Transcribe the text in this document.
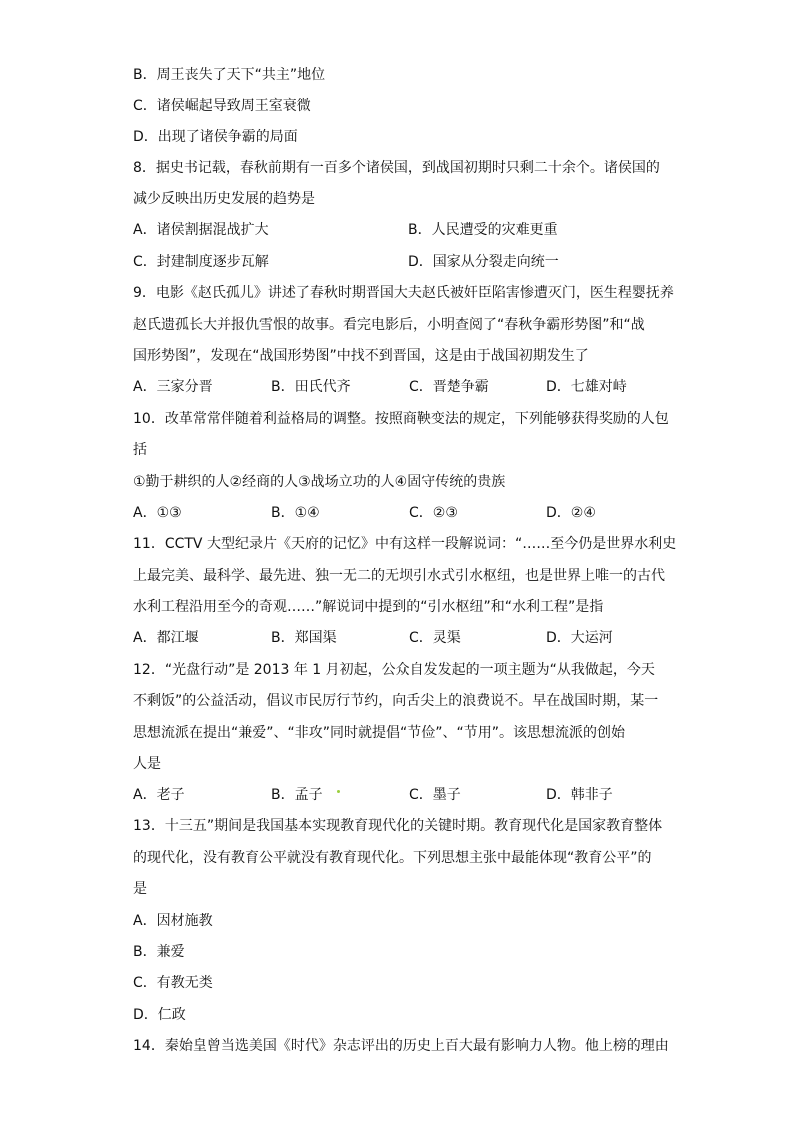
B．周王丧失了天下“共主”地位
C．诸侯崛起导致周王室衰微
D．出现了诸侯争霸的局面
8．据史书记载，春秋前期有一百多个诸侯国，到战国初期时只剩二十余个。诸侯国的
减少反映出历史发展的趋势是
A．诸侯割据混战扩大	B．人民遭受的灾难更重
C．封建制度逐步瓦解	D．国家从分裂走向统一
9．电影《赵氏孤儿》讲述了春秋时期晋国大夫赵氏被奸臣陷害惨遭灭门，医生程婴抚养
赵氏遗孤长大并报仇雪恨的故事。看完电影后，小明查阅了“春秋争霸形势图”和“战
国形势图”，发现在“战国形势图”中找不到晋国，这是由于战国初期发生了
A．三家分晋	B．田氏代齐	C．晋楚争霸	D．七雄对峙
10．改革常常伴随着利益格局的调整。按照商鞅变法的规定，下列能够获得奖励的人包
括
①勤于耕织的人②经商的人③战场立功的人④固守传统的贵族
A．①③	B．①④	C．②③	D．②④
11．CCTV 大型纪录片《天府的记忆》中有这样一段解说词：“……至今仍是世界水利史
上最完美、最科学、最先进、独一无二的无坝引水式引水枢纽，也是世界上唯一的古代
水利工程沿用至今的奇观……”解说词中提到的“引水枢纽”和“水利工程”是指
A．都江堰	B．郑国渠	C．灵渠	D．大运河
12．“光盘行动”是 2013 年 1 月初起，公众自发发起的一项主题为“从我做起，今天
不剩饭”的公益活动，倡议市民厉行节约，向舌尖上的浪费说不。早在战国时期，某一
思想流派在提出“兼爱”、“非攻”同时就提倡“节俭”、“节用”。该思想流派的创始
人是
A．老子	B．孟子	C．墨子	D．韩非子
13．十三五”期间是我国基本实现教育现代化的关键时期。教育现代化是国家教育整体
的现代化，没有教育公平就没有教育现代化。下列思想主张中最能体现“教育公平”的
是
A．因材施教
B．兼爱
C．有教无类
D．仁政
14．秦始皇曾当选美国《时代》杂志评出的历史上百大最有影响力人物。他上榜的理由
